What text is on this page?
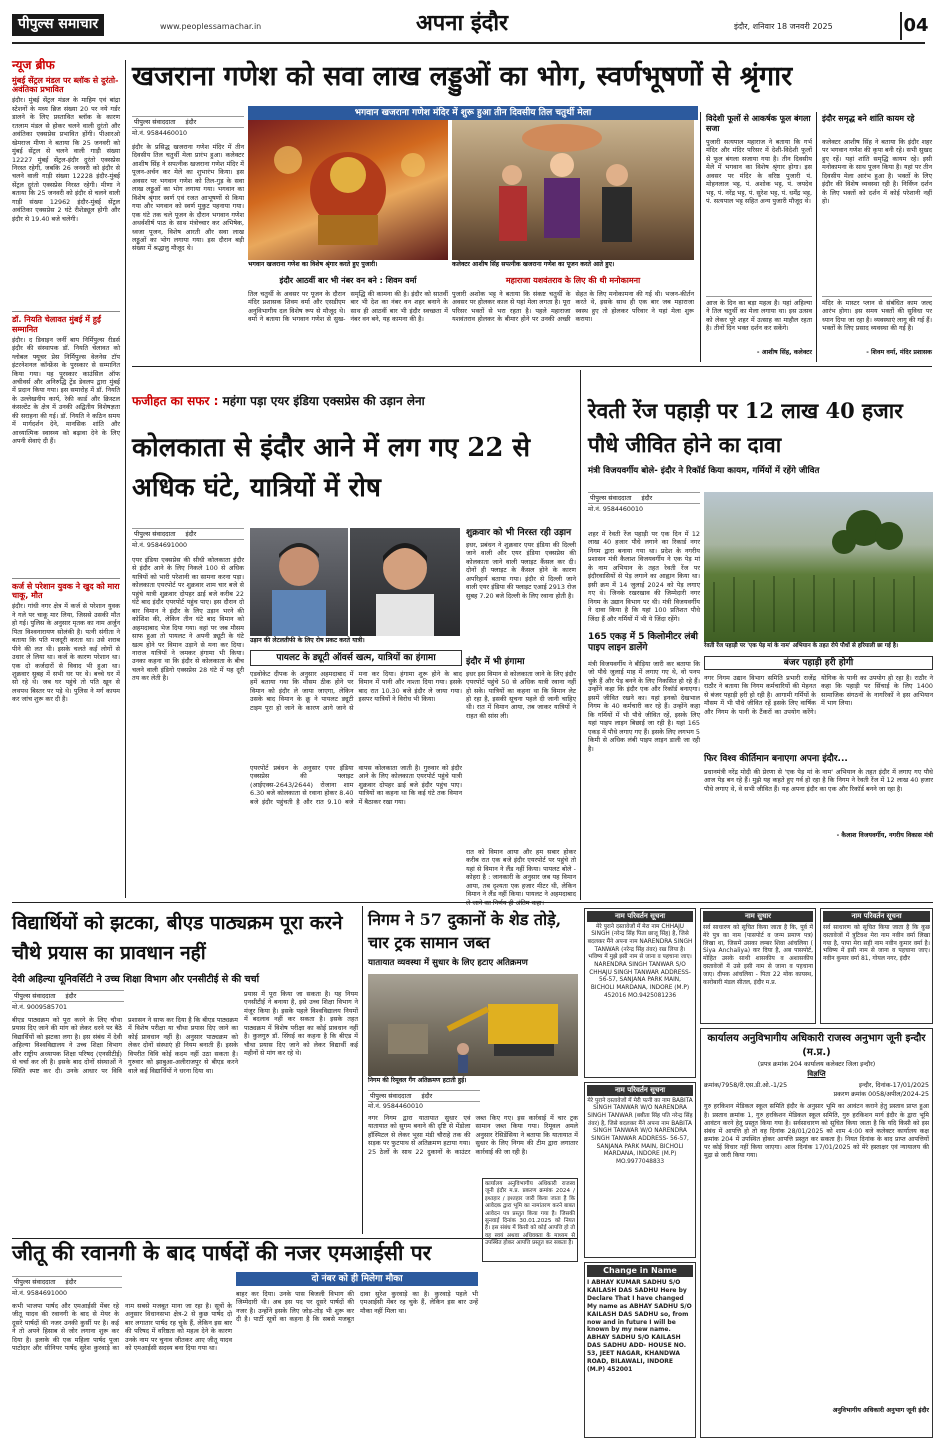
पीपुल्स समाचार	www.peoplessamachar.in	अपना इंदौर	इंदौर, शनिवार 18 जनवरी 2025	04
न्यूज ब्रीफ
मुंबई सेंट्रल मंडल पर ब्लॉक से दुरंतो-अवंतिका प्रभावित
इंदौर। मुंबई सेंट्रल मंडल के माहिम एवं बांद्रा स्टेशनों के मध्य ब्रिज संख्या 20 पर नये गर्डर डालने के लिए प्रस्तावित ब्लॉक के कारण रतलाम मंडल से होकर चलने वाली दुरंतो और अवंतिका एक्सप्रेस प्रभावित होंगी। पीआरओ खेमराज मीणा ने बताया कि 25 जनवरी को मुंबई सेंट्रल से चलने वाली गाड़ी संख्या 12227 मुंबई सेंट्रल-इंदौर दुरंतो एक्सप्रेस निरस्त रहेगी, जबकि 26 जनवरी को इंदौर से चलने वाली गाड़ी संख्या 12228 इंदौर-मुंबई सेंट्रल दुरंतो एक्सप्रेस निरस्त रहेगी। मीणा ने बताया कि 25 जनवरी को इंदौर से चलने वाली गाड़ी संख्या 12962 इंदौर-मुंबई सेंट्रल अवंतिका एक्सप्रेस 2 घंटे रीशेड्यूल होगी और इंदौर से 19.40 बजे चलेगी।
डॉ. नियति चेलावत मुंबई में हुईं सम्मानित
इंदौर। द डिवाइन जर्नी बाय निर्मिपुल्स रीडर्स इंदौर की संस्थापक डॉ. नियति चेलावत को ग्लोबल फ्यूचर प्रेस निर्मिपुल्स वेलनेस टॉप इंटरनेशनल कॉन्फ्रेंस के पुरस्कार से सम्मानित किया गया। यह पुरस्कार काउंसिल ऑफ अचीवर्स और अनिरुद्धि ट्रेंड डेवलप द्वारा मुंबई में प्रदान किया गया। इस समारोह में डॉ. नियति के उल्लेखनीय कार्य, रेकी कार्ड और क्रिस्टल कंसल्टेंट के क्षेत्र में उनकी अद्वितीय विशेषज्ञता की सराहना की गई। डॉ. नियति ने कठिन समय में मार्गदर्शन देने, मानसिक शांति और आध्यात्मिक स्वास्थ्य को बढ़ावा देने के लिए अपनी सेवाएं दी हैं।
कर्ज से परेशान युवक ने खुद को मारा चाकू, मौत
इंदौर। गांधी नगर क्षेत्र में कर्ज से परेशान युवक ने गले पर चाकू मार लिया, जिससे उसकी मौत हो गई। पुलिस के अनुसार मृतक का नाम अर्जुन पिता विश्वनारायण सोलंकी है। पत्नी संगीता ने बताया कि पति मजदूरी करता था। उसे शराब पीने की लत थी। इसके चलते कई लोगों से उधार ले लिया था। कर्ज के कारण परेशान था। एक दो कर्जदारों से विवाद भी हुआ था। शुक्रवार सुबह में सभी घर पर थे। बच्चे घर में सो रहे थे। जब घर पहुंचे तो पति खून से लथपथ बिस्तर पर पड़े थे। पुलिस ने मर्ग कायम कर जांच शुरू कर दी है।
खजराना गणेश को सवा लाख लड्डुओं का भोग, स्वर्णभूषणों से श्रृंगार
भगवान खजराना गणेश मंदिर में शुरू हुआ तीन दिवसीय तिल चतुर्थी मेला
पीपुल्स संवाददाता इंदौर
मो.नं. 9584460010
इंदौर के प्रसिद्ध खजराना गणेश मंदिर में तीन दिवसीय तिल चतुर्थी मेला प्रारंभ हुआ। कलेक्टर आशीष सिंह ने सपत्नीक खजराना गणेश मंदिर में पूजन-अर्चन कर मेले का शुभारंभ किया। इस अवसर पर भगवान गणेश को तिल-गुड़ के सवा लाख लड्डुओं का भोग लगाया गया। भगवान का विशेष श्रृंगार स्वर्ण एवं रजत आभूषणों से किया गया और भगवान को स्वर्ण मुकुट पहनाया गया। एक घंटे तक चले पूजन के दौरान भगवान गणेश अथर्वशीर्ष पाठ के साथ मंत्रोच्चार कर अभिषेक, ध्वजा पूजन, विशेष आरती और सवा लाख लड्डुओं का भोग लगाया गया। इस दौरान बड़ी संख्या में श्रद्धालु मौजूद थे।
भगवान खजराना गणेश का विशेष श्रृंगार करते हुए पुजारी।	कलेक्टर आशीष सिंह सपत्नीक खजराना गणेश का पूजन करते आते हुए।
इंदौर आठवीं बार भी नंबर वन बने : शिवम वर्मा
तिल चतुर्थी के अवसर पर पूजन के दौरान मंदिर प्रशासक शिवम वर्मा और एसडीएम अनुविभागीय दल विशेष रूप से मौजूद थे। वर्मा ने बताया कि भगवान गणेश से सुख-समृद्धि की कामना की है। इंदौर को सातवीं बार भी देश का नंबर वन शहर बनाने के साथ ही आठवीं बार भी इंदौर स्वच्छता में नंबर वन बने, यह कामना की है।
महाराजा यशवंतराव के लिए की थी मनोकामना
पुजारी अशोक भट्ट ने बताया कि संकष्ट चतुर्थी के अवसर पर होलकर काल से यहां मेला लगता है। पूरा परिसर भक्तों से भरा रहता है। पहले महाराजा यशवंतराव होलकर के बीमार होने पर उनकी अच्छी सेहत के लिए मनोकामना की गई थी। भजन-कीर्तन करते थे, इसके साथ ही एक बार जब महाराजा स्वस्थ हुए तो होलकर परिवार ने यहां मेला शुरू कराया।
विदेशी फूलों से आकर्षक फूल बंगला सजा
पुजारी सत्यपाल महाराज ने बताया कि गर्भ मंदिर और मंदिर परिसर में देशी-विदेशी फूलों से फूल बंगला सजाया गया है। तीन दिवसीय मेले में भगवान का विशेष श्रृंगार होगा। इस अवसर पर मंदिर के वरिष्ठ पुजारी पं. मोहनलाल भट्ट, पं. अशोक भट्ट, पं. जयदेव भट्ट, पं. नरेंद्र भट्ट, पं. सुरेश भट्ट, पं. धर्मेंद्र भट्ट, पं. सत्यपाल भट्ट सहित अन्य पुजारी मौजूद थे।
इंदौर समृद्ध बने शांति कायम रहे
कलेक्टर आशीष सिंह ने बताया कि इंदौर शहर पर भगवान गणेश की कृपा बनी रहे। सभी सुखद हुए रहें। यहां शांति समृद्धि कायम रहे। इसी मनोकामना के साथ पूजन किया है। यहां पर तीन दिवसीय मेला आरंभ हुआ है। भक्तों के लिए इंदौर की विशेष व्यवस्था रही है। निर्विघ्न दर्शन के लिए भक्तों को दर्शन में कोई परेशानी नहीं हो।
आज के दिन का बड़ा महत्व है। यहां अहिल्या ने तिल चतुर्थी का मेला लगाया था। इस उत्सव को लेकर पूरे शहर में उत्साह का माहौल रहता है। तीनों दिन भक्त दर्शन कर सकेंगे।
- आशीष सिंह, कलेक्टर
मंदिर के मास्टर प्लान से संबंधित काम जल्द आरंभ होगा। इस समय भक्तों की सुविधा पर ध्यान दिया जा रहा है। व्यवस्थाएं लागू की गई हैं। भक्तों के लिए प्रसाद व्यवस्था की गई है।
- शिवम वर्मा, मंदिर प्रशासक
फजीहत का सफर : महंगा पड़ा एयर इंडिया एक्सप्रेस की उड़ान लेना
कोलकाता से इंदौर आने में लग गए 22 से अधिक घंटे, यात्रियों में रोष
पीपुल्स संवाददाता इंदौर
मो.नं. 9584691000
एयर इंडिया एक्सप्रेस की सीधी कोलकाता इंदौर से इंदौर आने के लिए निकले 100 से अधिक यात्रियों को भारी परेशानी का सामना करना पड़ा। कोलकाता एयरपोर्ट पर शुक्रवार शाम चार बजे से पहुंचे यात्री शुक्रवार दोपहर ढाई बजे करीब 22 घंटे बाद इंदौर एयरपोर्ट पहुंच पाए। इस दौरान दो बार विमान ने इंदौर के लिए उड़ान भरने की कोशिश की, लेकिन तीन घंटे बाद विमान को अहमदाबाद भेज दिया गया। वहां पर जब मौसम साफ हुआ तो पायलट ने अपनी ड्यूटी के घंटे खत्म होने पर विमान उड़ाने से मना कर दिया। नाराज यात्रियों ने जमकर हंगामा भी किया। उनका कहना था कि इंदौर से कोलकाता के बीच चलने वाली इंडिगो एक्सप्रेस 28 घंटे में यह दूरी तय कर लेती है।
उड़ान की लेटलतीफी के लिए रोष प्रकट करते यात्री।
शुक्रवार को भी निरस्त रही उड़ान
इधर, प्रबंधन ने शुक्रवार एयर इंडिया की दिल्ली जाने वाली और एयर इंडिया एक्सप्रेस की कोलकाता जाने वाली फ्लाइट कैंसल कर दी। दोनों ही फ्लाइट के कैंसल होने के कारण अपरिहार्य बताया गया। इंदौर से दिल्ली जाने वाली एयर इंडिया की फ्लाइट एआई 2913 रोज सुबह 7.20 बजे दिल्ली के लिए रवाना होती है।
इंदौर में भी हंगामा
इधर इस विमान से कोलकाता जाने के लिए इंदौर एयरपोर्ट पहुंचे 50 से अधिक यात्री रवाना नहीं हो सके। यात्रियों का कहना था कि विमान लेट हो रहा है, इसकी सूचना पहले दी जानी चाहिए थी। रात में विमान आया, तब जाकर यात्रियों ने राहत की सांस ली।
पायलट के ड्यूटी ऑवर्स खत्म, यात्रियों का हंगामा
एडवोकेट दीपक के अनुसार अहमदाबाद में हमें बताया गया कि मौसम ठीक होने पर विमान को इंदौर ले जाया जाएगा, लेकिन उसके बाद विमान के क्रू ने पायलट ड्यूटी टाइम पूरा हो जाने के कारण आगे जाने से मना कर दिया। हंगामा शुरू होने के बाद विमान में पानी और नाश्ता दिया गया। इसके बाद रात 10.30 बजे इंदौर ले जाया गया। इसपर यात्रियों ने विरोध भी किया।
एयरपोर्ट प्रबंधन के अनुसार एयर इंडिया एक्सप्रेस की फ्लाइट (आईएक्स-2643/2644) रोजाना शाम 6.30 बजे कोलकाता से रवाना होकर 8.40 बजे इंदौर पहुंचती है और रात 9.10 बजे वापस कोलकाता जाती है। गुरुवार को इंदौर आने के लिए कोलकाता एयरपोर्ट पहुंचे यात्री शुक्रवार दोपहर ढाई बजे इंदौर पहुंच पाए। यात्रियों का कहना था कि कई घंटे तक विमान में बैठाकर रखा गया।
रात को विमान आया और हम सबार होकर करीब रात एक बजे इंदौर एयरपोर्ट पर पहुंचे तो यहां से विमान ने लैंड नहीं किया। पायलट बोले - कोहरा है : जानकारी के अनुसार जब यह विमान आया, तब दृश्यता एक हजार मीटर थी, लेकिन विमान ने लैंड नहीं किया। पायलट ने अहमदाबाद
रेवती रेंज पहाड़ी पर 12 लाख 40 हजार पौधे जीवित होने का दावा
मंत्री विजयवर्गीय बोले- इंदौर ने रिकॉर्ड किया कायम, गर्मियों में रहेंगे जीवित
पीपुल्स संवाददाता इंदौर
मो.नं. 9584460010
शहर में रेवती रेंज पहाड़ी पर एक दिन में 12 लाख 40 हजार पौधे लगाने का रिकार्ड नगर निगम द्वारा बनाया गया था। प्रदेश के नगरीय प्रशासन मंत्री कैलाश विजयवर्गीय ने एक पेड़ मां के नाम अभियान के तहत रेवती रेंज पर इंदौरवासियों से पेड़ लगाने का आह्वान किया था। इसी क्रम में 14 जुलाई 2024 को पेड़ लगाए गए थे। जिनके रखरखाव की जिम्मेदारी नगर निगम के उद्यान विभाग पर थी। मंत्री विजयवर्गीय ने दावा किया है कि यहां 100 प्रतिशत पौधे जिंदा हैं और गर्मियों में भी ये जिंदा रहेंगे।
रेवती रेंज पहाड़ी पर 'एक पेड़ मां के नाम' अभियान के तहत रोपे पौधों से हरियाली छा गई है।
165 एकड़ में 5 किलोमीटर लंबी पाइप लाइन डालेंगे
मंत्री विजयवर्गीय ने बीड़िया जारी कर बताया कि जो पौधे जुलाई माह में लगाए गए थे, वो पनप चुके हैं और पेड़ बनने के लिए निकसित हो रहे हैं। उन्होंने कहा कि इंदौर एक और रिकॉर्ड बनाएगा। इसमें जीवित रखने का। यहां इनको देखभाल निगम के 40 कर्मचारी कर रहे हैं। उन्होंने कहा कि गर्मियों में भी पौधे जीवित रहें, इसके लिए यहां पाइप लाइन बिछाई जा रही है। यहां 165 एकड़ में पौधे लगाए गए हैं। इसके लिए लगभग 5 किमी से अधिक लंबी पाइप लाइन डाली जा रही है।
बंजर पहाड़ी हरी होगी
नगर निगम उद्यान विभाग समिति प्रभारी राजेंद्र राठौर ने बताया कि निगम कर्मचारियों की मेहनत से बंजर पहाड़ी हरी हो रही है। आगामी गर्मियों के मौसम में भी पौधे जीवित रहें इसके लिए वार्षिक और निगम के पानी के टैंकरों का उपयोग करेंगे। योगिक के पानी का उपयोग हो रहा है। राठौर ने कहा कि पहाड़ी पर सिंचाई के लिए 1400 सामाजिक संगठनों के नागरिकों ने इस अभियान में भाग लिया।
फिर विश्व कीर्तिमान बनाएगा अपना इंदौर...
प्रधानमंत्री नरेंद्र मोदी की प्रेरणा से 'एक पेड़ मां के नाम' अभियान के तहत इंदौर में लगाए गए पौधे आज पेड़ बन रहे हैं। मुझे यह कहते हुए गर्व हो रहा है कि निगम ने रेवती रेंज में 12 लाख 40 हजार पौधे लगाए थे, वे सभी जीवित हैं। यह अपना इंदौर का एक और रिकॉर्ड बनने जा रहा है।
- कैलाश विजयवर्गीय, नगरीय विकास मंत्री
विद्यार्थियों को झटका, बीएड पाठ्यक्रम पूरा करने चौथे प्रयास का प्रावधान नहीं
देवी अहिल्या यूनिवर्सिटी ने उच्च शिक्षा विभाग और एनसीटीई से की चर्चा
पीपुल्स संवाददाता इंदौर
मो.नं. 9009585701
बीएड पाठ्यक्रम को पूरा करने के लिए चौथा प्रयास दिए जाने की मांग को लेकर धरने पर बैठे विद्यार्थियों को झटका लगा है। इस संबंध में देवी अहिल्या विश्वविद्यालय ने उच्च शिक्षा विभाग और राष्ट्रीय अध्यापक शिक्षा परिषद (एनसीटीई) से चर्चा कर ली है। इसके बाद दोनों संस्थाओं ने स्थिति स्पष्ट कर दी। उनके आधार पर विवि प्रशासन ने साफ कर दिया है कि बीएड पाठ्यक्रम में विशेष परीक्षा या चौथा प्रयास दिए जाने का कोई प्रावधान नहीं है। अनुसार पाठ्यक्रम को लेकर दोनों संस्थाएं ही नियम बनाती हैं। इसके विपरीत विवि कोई कदम नहीं उठा सकता है। गुरुवार को झाबुआ-अलीराजपुर से बीएड करने वाले कई विद्यार्थियों ने धरना दिया था।
प्रयास में पूरा किया जा सकता है। यह नियम एनसीटीई ने बनाया है, इसे उच्च शिक्षा विभाग ने मंजूर किया है। इसके पहले विश्वविद्यालय नियमों में बदलाव नहीं कर सकता है। इसके तहत पाठ्यक्रम में विशेष परीक्षा का कोई प्रावधान नहीं है। कुलगुरु डॉ. सिंघई का कहना है कि बीएड में चौथा प्रयास दिए जाने को लेकर विद्यार्थी कई महीनों से मांग कर रहे थे।
निगम ने 57 दुकानों के शेड तोड़े, चार ट्रक सामान जब्त
यातायात व्यवस्था में सुधार के लिए हटाए अतिक्रमण
निगम की रिमूवल गैंग अतिक्रमण हटाती हुई।
पीपुल्स संवाददाता इंदौर
मो.नं. 9584460010
नगर निगम द्वारा यातायात सुधार एवं यातायात को सुगम बनाने की दृष्टि से मेंडोला हॉस्पिटल से लेकर भूसा मंडी चौराहे तक की सड़क पर फुटपाथ से अतिक्रमण हटाया गया। 25 ठेलों के साथ 22 दुकानों के काउंटर जब्त किए गए। इस कार्रवाई में चार ट्रक सामान जब्त किया गया। रिमूवल अमले अनुसार रेसिडेंसिया ने बताया कि यातायात में सुधार के लिए निगम की टीम द्वारा लगातार कार्रवाई की जा रही है।
जीतू की रवानगी के बाद पार्षदों की नजर एमआईसी पर
पीपुल्स संवाददाता इंदौर
मो.नं. 9584691000
कभी भाजपा पार्षद और एमआईसी मेंबर रहे जीतू यादव की रवानगी के बाद से मेयर के दूसरे पार्षदों की नजर उनकी कुर्सी पर है। कई ने तो अपने हिसाब से जोर लगाना शुरू कर दिया है। इलाके की एक महिला पार्षद पूजा पाटोदार और सीनियर पार्षद सुरेश कुरवाड़े का नाम सबसे मजबूत माना जा रहा है। सूत्रों के अनुसार विधानसभा क्षेत्र-2 से कुछ पार्षद दो बार लगातार पार्षद रह चुके हैं, लेकिन इस बार की परिषद में वरिष्ठता को महत्व देने के कारण उनके नाम पर चुनाव जीतकर आए जीतू यादव को एमआईसी सदस्य बना दिया गया था।
दो नंबर को ही मिलेगा मौका
बाहर कर दिया। उनके पास बिजली विभाग की जिम्मेदारी थी। अब इस पद पर दूसरे पार्षदों की नजर है। उन्होंने इसके लिए जोड़-तोड़ भी शुरू कर दी है। पार्टी सूत्रों का कहना है कि सबसे मजबूत दावा सुरेश कुरवाड़े का है। कुरवाड़े पहले भी एमआईसी मेंबर रह चुके हैं, लेकिन इस बार उन्हें मौका नहीं मिला था।
कार्यालय अनुविभागीय अधिकारी राजस्व जूनी इंदौर म.प्र. प्रकरण क्रमांक 2024 / इश्तहार / इश्तहार जारी किया जाता है कि आवेदक द्वारा भूमि का नामांतरण करने बाबत आवेदन पत्र प्रस्तुत किया गया है। जिसकी सुनवाई दिनांक 30.01.2025 को नियत है। इस संबंध में किसी को कोई आपत्ति हो तो वह स्वयं अथवा अधिवक्ता के माध्यम से उपस्थित होकर आपत्ति प्रस्तुत कर सकता है।
नाम परिवर्तन सूचना
मेरे पुराने दस्तावेजों में मेरा नाम CHHAJU SINGH (नरेन्द्र सिंह पिता छाजू सिंह) है, जिसे बदलकर मैंने अपना नाम NARENDRA SINGH TANWAR (नरेन्द्र सिंह तंवर) रख लिया है। भविष्य में मुझे इसी नाम से जाना व पहचाना जाए। NARENDRA SINGH TANWAR S/O CHHAJU SINGH TANWAR ADDRESS- 56-57, SANJANA PARK MAIN, BICHOLI MARDANA, INDORE (M.P) 452016 MO.9425081236
नाम परिवर्तन सूचना
मेरे पुराने दस्तावेजों में मेरी पत्नी का नाम BABITA SINGH TANWAR W/O NARENDRA SINGH TANWAR (बबीता सिंह पति नरेन्द्र सिंह तंवर) है, जिसे बदलकर मैंने अपना नाम BABITA SINGH TANWAR W/O NARENDRA SINGH TANWAR ADDRESS- 56-57, SANJANA PARK MAIN, BICHOLI MARDANA, INDORE (M.P) MO.9977048833
Change in Name
I ABHAY KUMAR SADHU S/O KAILASH DAS SADHU Here by Declare That I have changed My name as ABHAY SADHU S/O KAILASH DAS SADHU so, from now and in future I will be known by my new name. ABHAY SADHU S/O KAILASH DAS SADHU ADD- HOUSE NO. 53, JEET NAGAR, KHANDWA ROAD, BILAWALI, INDORE (M.P) 452001
नाम सुधार
सर्व साधारण को सूचित किया जाता है कि, पूर्व में मेरे पुत्र का नाम (पासपोर्ट व जन्म प्रमाण पत्र) लिखा था, जिसमें उसका लम्बर शिवा आंचलिया ( Siya Anchaliya) कर दिया है, अब पासपोर्ट, मोहित उसके साथी शासकीय व अशासकीय दस्तावेजों में उसे इसी नाम से जाना व पहचाना जाए। दीपक आंचलिया - पिता 22 मोक कायस्थ, कारोबारी मंडल सीतल, इंदौर म.प्र.
नाम परिवर्तन सूचना
सर्व साधारण को सूचित किया जाता है कि कुछ दस्तावेजों में त्रुटिवश मेरा नाम नवीन वर्मा लिखा गया है, पापा मेरा सही नाम नवीन कुमार वर्मा है। भविष्य में इसी नाम से जाना व पहचाना जाए। नवीन कुमार वर्मा 81, गोयल नगर, इंदौर
कार्यालय अनुविभागीय अधिकारी राजस्व अनुभाग जूनी इन्दौर (म.प्र.)
(प्रपत्र क्रमांक 204 कार्यालय कलेक्टर जिला इन्दौर)
विज्ञप्ति
क्रमांक/7958/री.एस.डी.ओ.-1/25	इन्दौर, दिनांक-17/01/2025
प्रकरण क्रमांक 0058/अपील/2024-25
गुरु हरकिशन मेडिकल स्कूल समिति इंदौर के अनुसार भूमि का आवंटन कराने हेतु प्रस्ताव प्राप्त हुआ है। प्रस्ताव क्रमांक 1, गुरु हरकिशन मेडिकल स्कूल समिति, गुरु हरकिशन मार्ग इंदौर के द्वारा भूमि आवंटन करने हेतु प्रस्तुत किया गया है। सर्वसाधारण को सूचित किया जाता है कि यदि किसी को इस संबंध में आपत्ति हो तो वह दिनांक 28/01/2025 को शाम 4:00 बजे कलेक्टर कार्यालय कक्ष क्रमांक 204 में उपस्थित होकर आपत्ति प्रस्तुत कर सकता है। नियत दिनांक के बाद प्राप्त आपत्तियों पर कोई विचार नहीं किया जाएगा। आज दिनांक 17/01/2025 को मेरे हस्ताक्षर एवं न्यायालय की मुद्रा से जारी किया गया।
अनुविभागीय अधिकारी अनुभाग जूनी इंदौर
